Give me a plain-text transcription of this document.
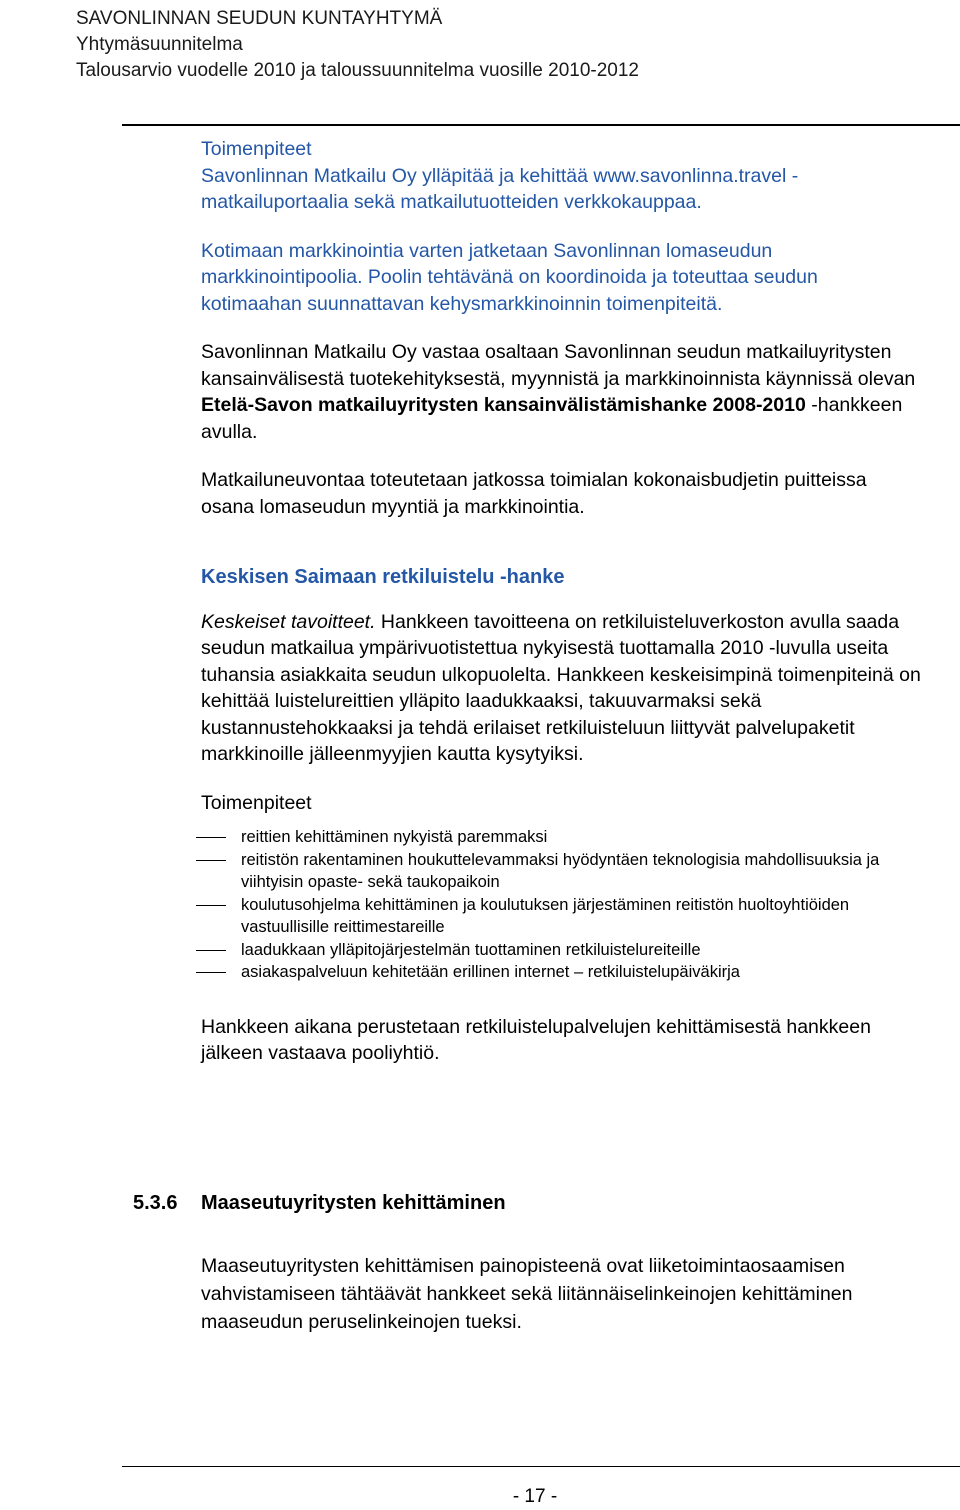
SAVONLINNAN SEUDUN KUNTAYHTYMÄ
Yhtymäsuunnitelma
Talousarvio vuodelle 2010 ja taloussuunnitelma vuosille 2010-2012

Toimenpiteet

Savonlinnan Matkailu Oy ylläpitää ja kehittää www.savonlinna.travel -matkailuportaalia sekä matkailutuotteiden verkkokauppaa.

Kotimaan markkinointia varten jatketaan Savonlinnan lomaseudun markkinointipoolia. Poolin tehtävänä on koordinoida ja toteuttaa seudun kotimaahan suunnattavan kehysmarkkinoinnin toimenpiteitä.

Savonlinnan Matkailu Oy vastaa osaltaan Savonlinnan seudun matkailuyritysten kansainvälisestä tuotekehityksestä, myynnistä ja markkinoinnista käynnissä olevan Etelä-Savon matkailuyritysten kansainvälistämishanke 2008-2010 -hankkeen avulla.

Matkailuneuvontaa toteutetaan jatkossa toimialan kokonaisbudjetin puitteissa osana lomaseudun myyntiä ja markkinointia.

Keskisen Saimaan retkiluistelu -hanke

Keskeiset tavoitteet. Hankkeen tavoitteena on retkiluisteluverkoston avulla saada seudun matkailua ympärivuotistettua nykyisestä tuottamalla 2010 -luvulla useita tuhansia asiakkaita seudun ulkopuolelta. Hankkeen keskeisimpinä toimenpiteinä on kehittää luistelureittien ylläpito laadukkaaksi, takuuvarmaksi sekä kustannustehokkaaksi ja tehdä erilaiset retkiluisteluun liittyvät palvelupaketit markkinoille jälleenmyyjien kautta kysytyiksi.

Toimenpiteet

reittien kehittäminen nykyistä paremmaksi
reitistön rakentaminen houkuttelevammaksi hyödyntäen teknologisia mahdollisuuksia ja viihtyisin opaste- sekä taukopaikoin
koulutusohjelma kehittäminen ja koulutuksen järjestäminen reitistön huoltoyhtiöiden vastuullisille reittimestareille
laadukkaan ylläpitojärjestelmän tuottaminen retkiluistelureiteille
asiakaspalveluun kehitetään erillinen internet – retkiluistelupäiväkirja

Hankkeen aikana perustetaan retkiluistelupalvelujen kehittämisestä hankkeen jälkeen vastaava pooliyhtiö.

5.3.6 Maaseutuyritysten kehittäminen
Maaseutuyritysten kehittämisen painopisteenä ovat liiketoimintaosaamisen vahvistamiseen tähtäävät hankkeet sekä liitännäiselinkeinojen kehittäminen maaseudun peruselinkeinojen tueksi.
- 17 -
